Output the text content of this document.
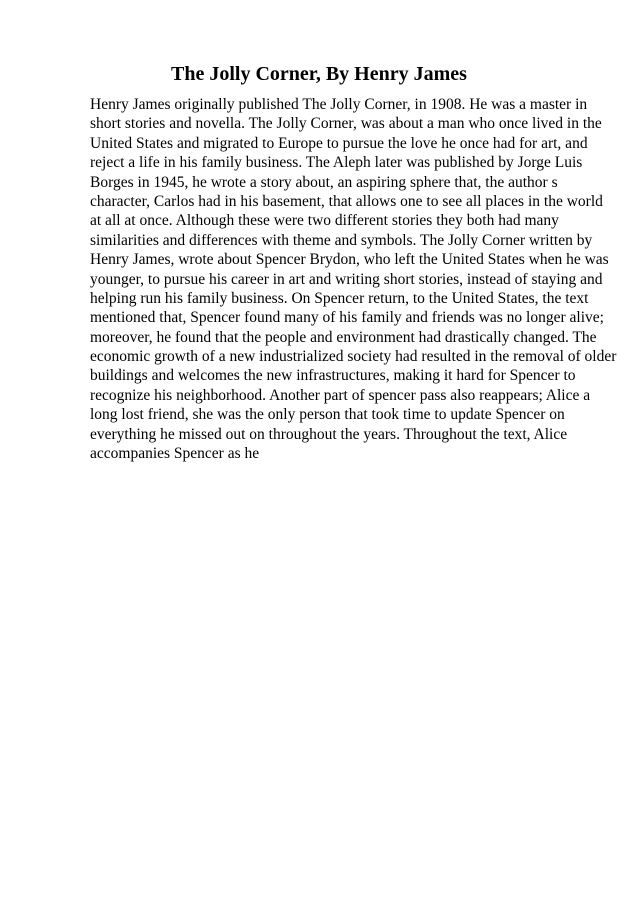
The Jolly Corner, By Henry James
Henry James originally published The Jolly Corner, in 1908. He was a master in
short stories and novella. The Jolly Corner, was about a man who once lived in the
United States and migrated to Europe to pursue the love he once had for art, and
reject a life in his family business. The Aleph later was published by Jorge Luis
Borges in 1945, he wrote a story about, an aspiring sphere that, the author s
character, Carlos had in his basement, that allows one to see all places in the world
at all at once. Although these were two different stories they both had many
similarities and differences with theme and symbols. The Jolly Corner written by
Henry James, wrote about Spencer Brydon, who left the United States when he was
younger, to pursue his career in art and writing short stories, instead of staying and
helping run his family business. On Spencer return, to the United States, the text
mentioned that, Spencer found many of his family and friends was no longer alive;
moreover, he found that the people and environment had drastically changed. The
economic growth of a new industrialized society had resulted in the removal of older
buildings and welcomes the new infrastructures, making it hard for Spencer to
recognize his neighborhood. Another part of spencer pass also reappears; Alice a
long lost friend, she was the only person that took time to update Spencer on
everything he missed out on throughout the years. Throughout the text, Alice
accompanies Spencer as he
